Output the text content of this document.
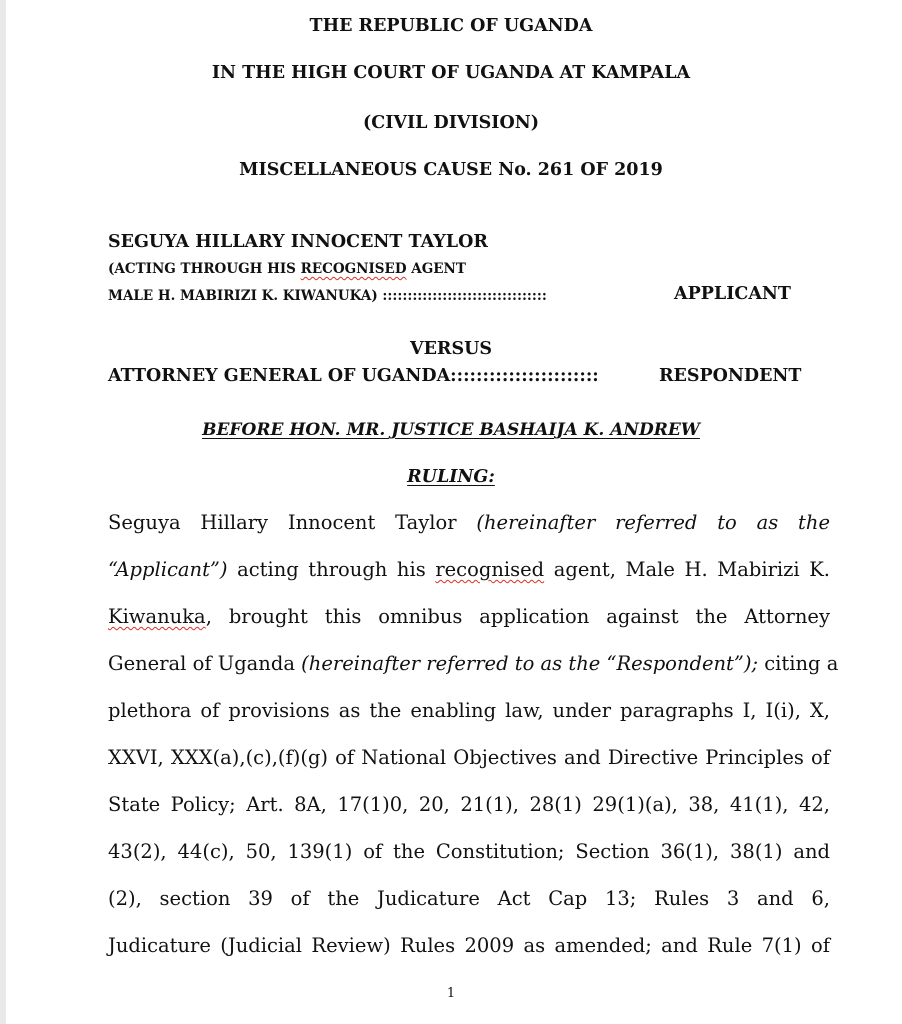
THE REPUBLIC OF UGANDA
IN THE HIGH COURT OF UGANDA AT KAMPALA
(CIVIL DIVISION)
MISCELLANEOUS CAUSE No. 261 OF 2019
SEGUYA HILLARY INNOCENT TAYLOR
(ACTING THROUGH HIS RECOGNISED AGENT
MALE H. MABIRIZI K. KIWANUKA) :::::::::::::::::::::::::::::::::	APPLICANT
VERSUS
ATTORNEY GENERAL OF UGANDA:::::::::::::::::::::::	RESPONDENT
BEFORE HON. MR. JUSTICE BASHAIJA K. ANDREW
RULING:
Seguya Hillary Innocent Taylor (hereinafter referred to as the
“Applicant”) acting through his recognised agent, Male H. Mabirizi K.
Kiwanuka, brought this omnibus application against the Attorney
General of Uganda (hereinafter referred to as the “Respondent”); citing a
plethora of provisions as the enabling law, under paragraphs I, I(i), X,
XXVI, XXX(a),(c),(f)(g) of National Objectives and Directive Principles of
State Policy; Art. 8A, 17(1)0, 20, 21(1), 28(1) 29(1)(a), 38, 41(1), 42,
43(2), 44(c), 50, 139(1) of the Constitution; Section 36(1), 38(1) and
(2), section 39 of the Judicature Act Cap 13; Rules 3 and 6,
Judicature (Judicial Review) Rules 2009 as amended; and Rule 7(1) of
1
